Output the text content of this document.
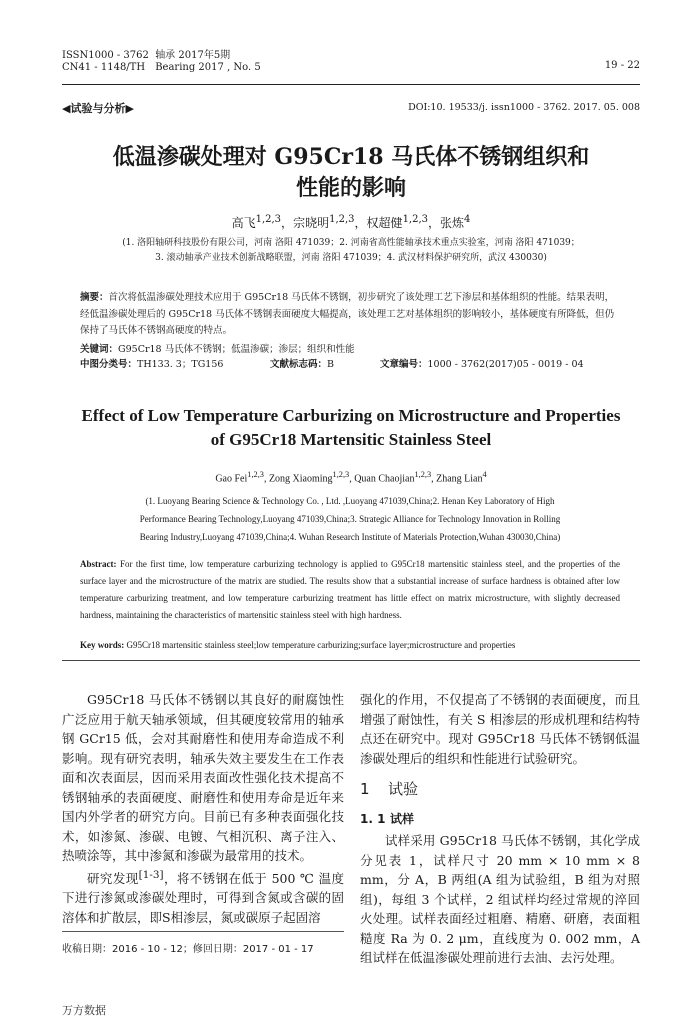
ISSN1000 - 3762 轴承 2017年5期
CN41 - 1148/TH Bearing 2017 , No. 5	19 - 22
◀试验与分析▶	DOI:10. 19533/j. issn1000 - 3762. 2017. 05. 008
低温渗碳处理对 G95Cr18 马氏体不锈钢组织和
性能的影响
高飞$^{1,2,3}$，宗晓明$^{1,2,3}$，权超健$^{1,2,3}$，张炼$^4$
(1. 洛阳轴研科技股份有限公司，河南 洛阳 471039；2. 河南省高性能轴承技术重点实验室，河南 洛阳 471039；
3. 滚动轴承产业技术创新战略联盟，河南 洛阳 471039；4. 武汉材料保护研究所，武汉 430030)
摘要：首次将低温渗碳处理技术应用于 G95Cr18 马氏体不锈钢，初步研究了该处理工艺下渗层和基体组织的性能。结果表明，经低温渗碳处理后的 G95Cr18 马氏体不锈钢表面硬度大幅提高，该处理工艺对基体组织的影响较小，基体硬度有所降低，但仍保持了马氏体不锈钢高硬度的特点。
关键词：G95Cr18 马氏体不锈钢；低温渗碳；渗层；组织和性能
中图分类号：TH133. 3；TG156	文献标志码：B	文章编号：1000 - 3762(2017)05 - 0019 - 04
Effect of Low Temperature Carburizing on Microstructure and Properties
of G95Cr18 Martensitic Stainless Steel
Gao Fei$^{1,2,3}$, Zong Xiaoming$^{1,2,3}$, Quan Chaojian$^{1,2,3}$, Zhang Lian$^4$
(1. Luoyang Bearing Science & Technology Co. , Ltd. ,Luoyang 471039,China;2. Henan Key Laboratory of High
Performance Bearing Technology,Luoyang 471039,China;3. Strategic Alliance for Technology Innovation in Rolling
Bearing Industry,Luoyang 471039,China;4. Wuhan Research Institute of Materials Protection,Wuhan 430030,China)
Abstract: For the first time, low temperature carburizing technology is applied to G95Cr18 martensitic stainless steel, and the properties of the surface layer and the microstructure of the matrix are studied. The results show that a substantial increase of surface hardness is obtained after low temperature carburizing treatment, and low temperature carburizing treatment has little effect on matrix microstructure, with slightly decreased hardness, maintaining the characteristics of martensitic stainless steel with high hardness.
Key words: G95Cr18 martensitic stainless steel;low temperature carburizing;surface layer;microstructure and properties

G95Cr18 马氏体不锈钢以其良好的耐腐蚀性广泛应用于航天轴承领域，但其硬度较常用的轴承钢 GCr15 低，会对其耐磨性和使用寿命造成不利影响。现有研究表明，轴承失效主要发生在工作表面和次表面层，因而采用表面改性强化技术提高不锈钢轴承的表面硬度、耐磨性和使用寿命是近年来国内外学者的研究方向。目前已有多种表面强化技术，如渗氮、渗碳、电镀、气相沉积、离子注入、热喷涂等，其中渗氮和渗碳为最常用的技术。

研究发现[1-3]，将不锈钢在低于 500 ℃ 温度下进行渗氮或渗碳处理时，可得到含氮或含碳的固溶体和扩散层，即S相渗层，氮或碳原子起固溶

收稿日期：2016 - 10 - 12；修回日期：2017 - 01 - 17

强化的作用，不仅提高了不锈钢的表面硬度，而且增强了耐蚀性，有关 S 相渗层的形成机理和结构特点还在研究中。现对 G95Cr18 马氏体不锈钢低温渗碳处理后的组织和性能进行试验研究。

1 试验
1. 1 试样

试样采用 G95Cr18 马氏体不锈钢，其化学成分见表 1，试样尺寸 20 mm × 10 mm × 8 mm，分 A，B 两组(A 组为试验组，B 组为对照组)，每组 3 个试样，2 组试样均经过常规的淬回火处理。试样表面经过粗磨、精磨、研磨，表面粗糙度 Ra 为 0. 2 μm，直线度为 0. 002 mm，A 组试样在低温渗碳处理前进行去油、去污处理。

万方数据
